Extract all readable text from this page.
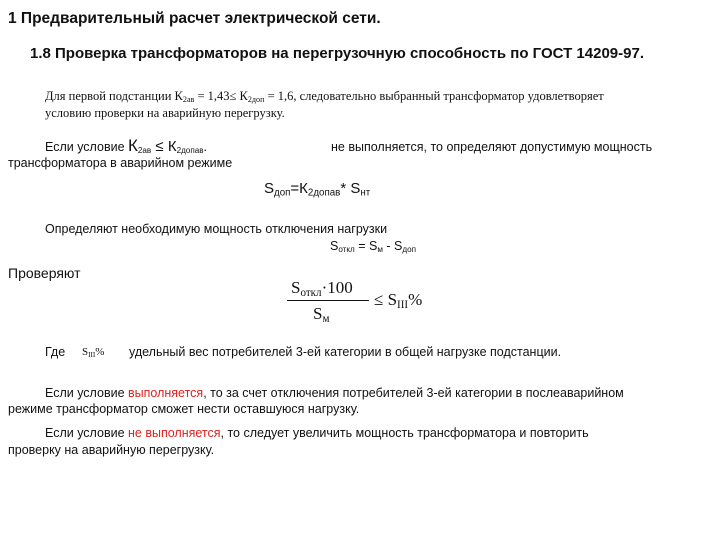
1 Предварительный расчет электрической сети.
1.8 Проверка трансформаторов на перегрузочную способность по ГОСТ 14209-97.
Для первой подстанции $К_{2ав} = 1,43\le К_{2доп} = 1,6$, следовательно выбранный трансформатор удовлетворяет
условию проверки на аварийную перегрузку.
Если условие $К_{2ав} \le К_{2допав}$.	не выполняется, то определяют допустимую мощность
трансформатора в аварийном режиме
$S_{доп}=К_{2допав}*$ $S_{нт}$
Определяют необходимую мощность отключения нагрузки
$S_{откл} = S_м - S_{доп}$
Проверяют
$S_{откл}\cdot 100$
$S_м$
≤ $S_{III}\%$
Где $S_{III}\%$ удельный вес потребителей 3-ей категории в общей нагрузке подстанции.
Если условие выполняется, то за счет отключения потребителей 3-ей категории в послеаварийном
режиме трансформатор сможет нести оставшуюся нагрузку.
Если условие не выполняется, то следует увеличить мощность трансформатора и повторить
проверку на аварийную перегрузку.
